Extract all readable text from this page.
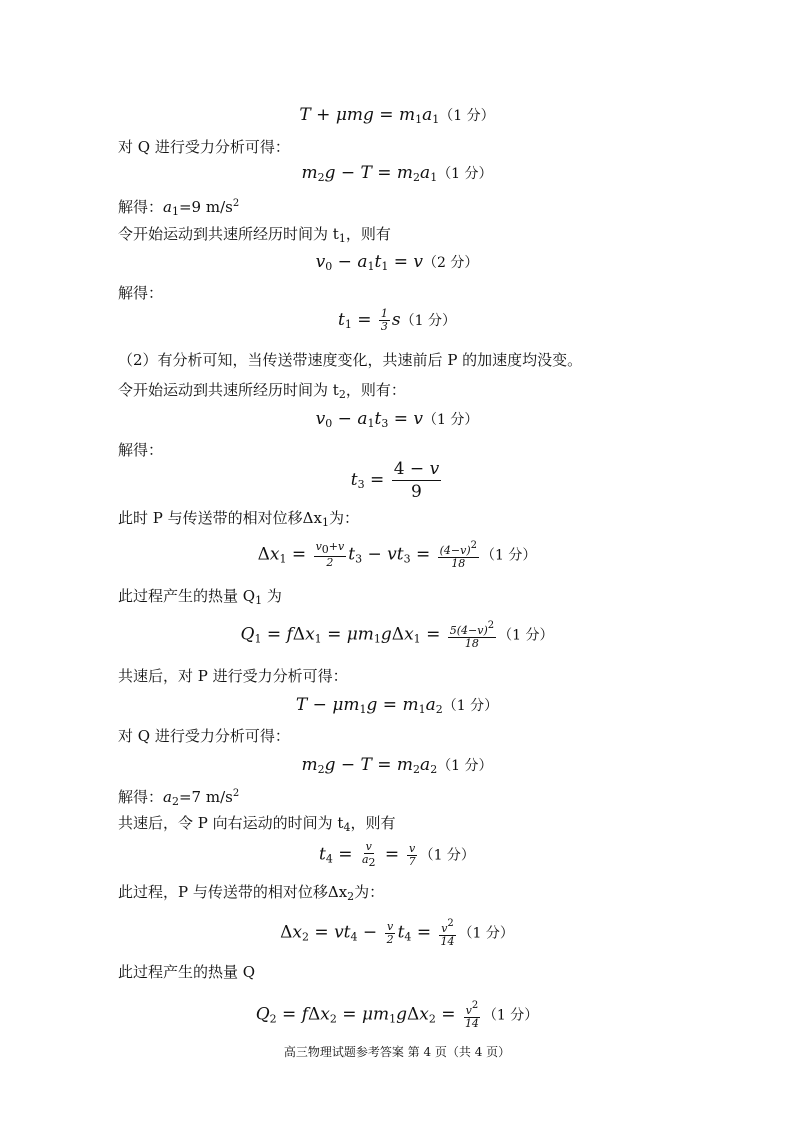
$T + \mu mg = m_1a_1(1$ 分）
对 Q 进行受力分析可得：
$m_2g - T = m_2a_1(1$ 分）
解得：$a_1=9$ $m/s^2$
令开始运动到共速所经历时间为 $t_1$，则有
$v_0 - a_1t_1 = v(2$ 分）
解得：
$t_1 = \frac{1}{3} s(1$ 分）
（2）有分析可知，当传送带速度变化，共速前后 P 的加速度均没变。
令开始运动到共速所经历时间为 $t_2$，则有：
$v_0 - a_1t_3 = v(1$ 分）
解得：
$t_3 = \frac{4 - v}{9}$
此时 P 与传送带的相对位移$\Delta x_1$为：
$\Delta x_1 = \frac{v0+v}{2} t_3 - vt_3 = \frac{(4-v)2}{18} (1$ 分）
此过程产生的热量 $Q_1$ 为
$Q_1 = f\Delta x_1 = \mu m_1g\Delta x_1 = \frac{5(4-v)2}{18} (1$ 分）
共速后，对 P 进行受力分析可得：
$T - \mu m_1g = m_1a_2(1$ 分）
对 Q 进行受力分析可得：
$m_2g - T = m_2a_2(1$ 分）
解得：$a_2=7$ $m/s^2$
共速后，令 P 向右运动的时间为 $t_4$，则有
$t_4 = \frac{v}{a2} = \frac{v}{7} (1$ 分）
此过程，P 与传送带的相对位移$\Delta x_2$为：
$\Delta x_2 = vt_4 - \frac{v}{2} t_4 = \frac{v2}{14} (1$ 分）
此过程产生的热量 Q
$Q_2 = f\Delta x_2 = \mu m_1g\Delta x_2 = \frac{v2}{14} (1$ 分）
高三物理试题参考答案 第 4 页（共 4 页）
